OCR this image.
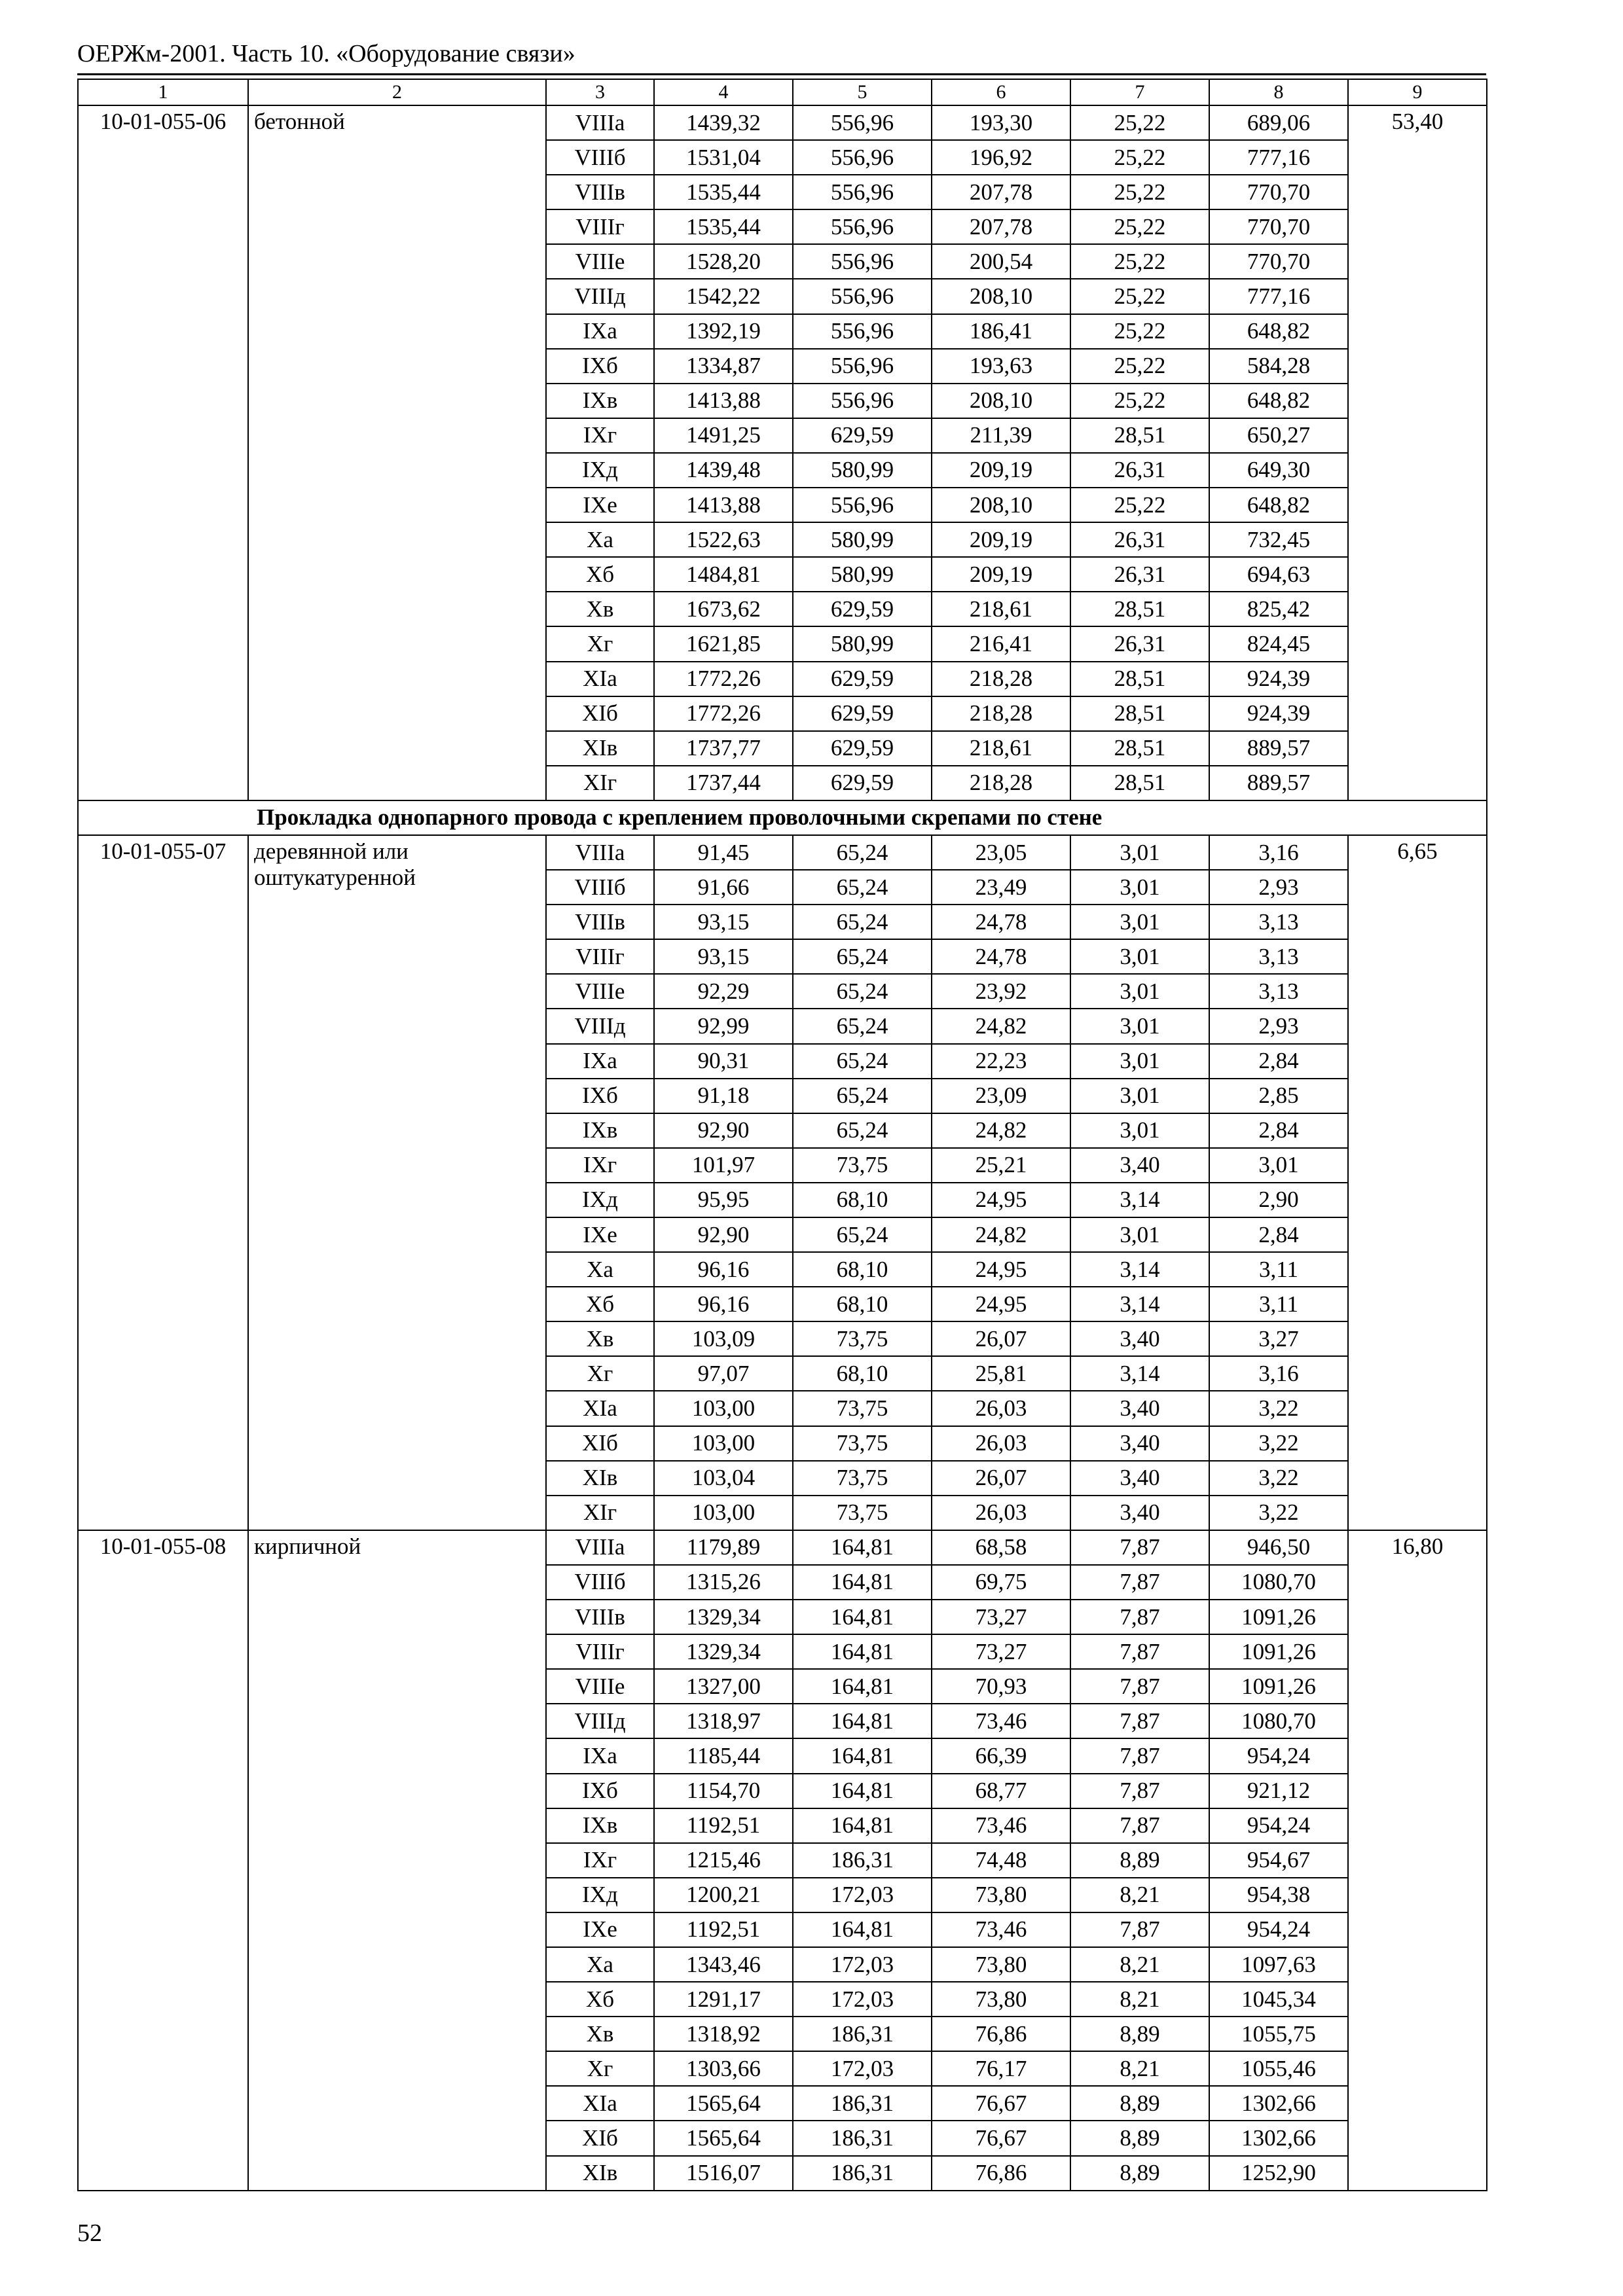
ОЕРЖм-2001. Часть 10. «Оборудование связи»
1	2	3	4	5	6	7	8	9
10-01-055-06	бетонной	VIIIа	1439,32	556,96	193,30	25,22	689,06	53,40
		VIIIб	1531,04	556,96	196,92	25,22	777,16	
		VIIIв	1535,44	556,96	207,78	25,22	770,70	
		VIIIг	1535,44	556,96	207,78	25,22	770,70	
		VIIIе	1528,20	556,96	200,54	25,22	770,70	
		VIIIд	1542,22	556,96	208,10	25,22	777,16	
		IXа	1392,19	556,96	186,41	25,22	648,82	
		IXб	1334,87	556,96	193,63	25,22	584,28	
		IXв	1413,88	556,96	208,10	25,22	648,82	
		IXг	1491,25	629,59	211,39	28,51	650,27	
		IXд	1439,48	580,99	209,19	26,31	649,30	
		IXе	1413,88	556,96	208,10	25,22	648,82	
		Xа	1522,63	580,99	209,19	26,31	732,45	
		Xб	1484,81	580,99	209,19	26,31	694,63	
		Xв	1673,62	629,59	218,61	28,51	825,42	
		Xг	1621,85	580,99	216,41	26,31	824,45	
		XIа	1772,26	629,59	218,28	28,51	924,39	
		XIб	1772,26	629,59	218,28	28,51	924,39	
		XIв	1737,77	629,59	218,61	28,51	889,57	
		XIг	1737,44	629,59	218,28	28,51	889,57	
Прокладка однопарного провода с креплением проволочными скрепами по стене								
10-01-055-07	деревянной или оштукатуренной	VIIIа	91,45	65,24	23,05	3,01	3,16	6,65
		VIIIб	91,66	65,24	23,49	3,01	2,93	
		VIIIв	93,15	65,24	24,78	3,01	3,13	
		VIIIг	93,15	65,24	24,78	3,01	3,13	
		VIIIе	92,29	65,24	23,92	3,01	3,13	
		VIIIд	92,99	65,24	24,82	3,01	2,93	
		IXа	90,31	65,24	22,23	3,01	2,84	
		IXб	91,18	65,24	23,09	3,01	2,85	
		IXв	92,90	65,24	24,82	3,01	2,84	
		IXг	101,97	73,75	25,21	3,40	3,01	
		IXд	95,95	68,10	24,95	3,14	2,90	
		IXе	92,90	65,24	24,82	3,01	2,84	
		Xа	96,16	68,10	24,95	3,14	3,11	
		Xб	96,16	68,10	24,95	3,14	3,11	
		Xв	103,09	73,75	26,07	3,40	3,27	
		Xг	97,07	68,10	25,81	3,14	3,16	
		XIа	103,00	73,75	26,03	3,40	3,22	
		XIб	103,00	73,75	26,03	3,40	3,22	
		XIв	103,04	73,75	26,07	3,40	3,22	
		XIг	103,00	73,75	26,03	3,40	3,22	
10-01-055-08	кирпичной	VIIIа	1179,89	164,81	68,58	7,87	946,50	16,80
		VIIIб	1315,26	164,81	69,75	7,87	1080,70	
		VIIIв	1329,34	164,81	73,27	7,87	1091,26	
		VIIIг	1329,34	164,81	73,27	7,87	1091,26	
		VIIIе	1327,00	164,81	70,93	7,87	1091,26	
		VIIIд	1318,97	164,81	73,46	7,87	1080,70	
		IXа	1185,44	164,81	66,39	7,87	954,24	
		IXб	1154,70	164,81	68,77	7,87	921,12	
		IXв	1192,51	164,81	73,46	7,87	954,24	
		IXг	1215,46	186,31	74,48	8,89	954,67	
		IXд	1200,21	172,03	73,80	8,21	954,38	
		IXе	1192,51	164,81	73,46	7,87	954,24	
		Xа	1343,46	172,03	73,80	8,21	1097,63	
		Xб	1291,17	172,03	73,80	8,21	1045,34	
		Xв	1318,92	186,31	76,86	8,89	1055,75	
		Xг	1303,66	172,03	76,17	8,21	1055,46	
		XIа	1565,64	186,31	76,67	8,89	1302,66	
		XIб	1565,64	186,31	76,67	8,89	1302,66	
		XIв	1516,07	186,31	76,86	8,89	1252,90	
52
